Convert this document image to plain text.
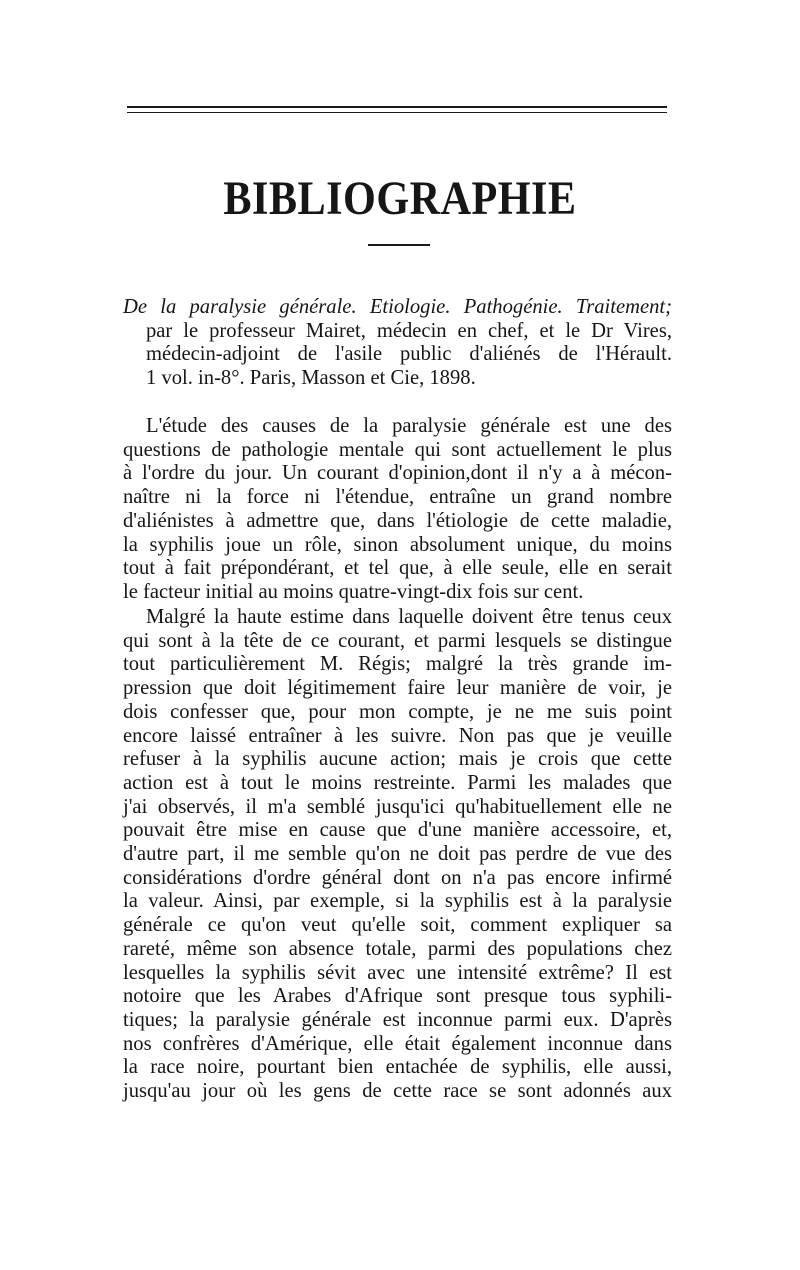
BIBLIOGRAPHIE
De la paralysie générale. Etiologie. Pathogénie. Traitement;
par le professeur Mairet, médecin en chef, et le Dr Vires,
médecin-adjoint de l'asile public d'aliénés de l'Hérault.
1 vol. in-8°. Paris, Masson et Cie, 1898.
L'étude des causes de la paralysie générale est une des
questions de pathologie mentale qui sont actuellement le plus
à l'ordre du jour. Un courant d'opinion,dont il n'y a à mécon-
naître ni la force ni l'étendue, entraîne un grand nombre
d'aliénistes à admettre que, dans l'étiologie de cette maladie,
la syphilis joue un rôle, sinon absolument unique, du moins
tout à fait prépondérant, et tel que, à elle seule, elle en serait
le facteur initial au moins quatre-vingt-dix fois sur cent.
Malgré la haute estime dans laquelle doivent être tenus ceux
qui sont à la tête de ce courant, et parmi lesquels se distingue
tout particulièrement M. Régis; malgré la très grande im-
pression que doit légitimement faire leur manière de voir, je
dois confesser que, pour mon compte, je ne me suis point
encore laissé entraîner à les suivre. Non pas que je veuille
refuser à la syphilis aucune action; mais je crois que cette
action est à tout le moins restreinte. Parmi les malades que
j'ai observés, il m'a semblé jusqu'ici qu'habituellement elle ne
pouvait être mise en cause que d'une manière accessoire, et,
d'autre part, il me semble qu'on ne doit pas perdre de vue des
considérations d'ordre général dont on n'a pas encore infirmé
la valeur. Ainsi, par exemple, si la syphilis est à la paralysie
générale ce qu'on veut qu'elle soit, comment expliquer sa
rareté, même son absence totale, parmi des populations chez
lesquelles la syphilis sévit avec une intensité extrême? Il est
notoire que les Arabes d'Afrique sont presque tous syphili-
tiques; la paralysie générale est inconnue parmi eux. D'après
nos confrères d'Amérique, elle était également inconnue dans
la race noire, pourtant bien entachée de syphilis, elle aussi,
jusqu'au jour où les gens de cette race se sont adonnés aux
